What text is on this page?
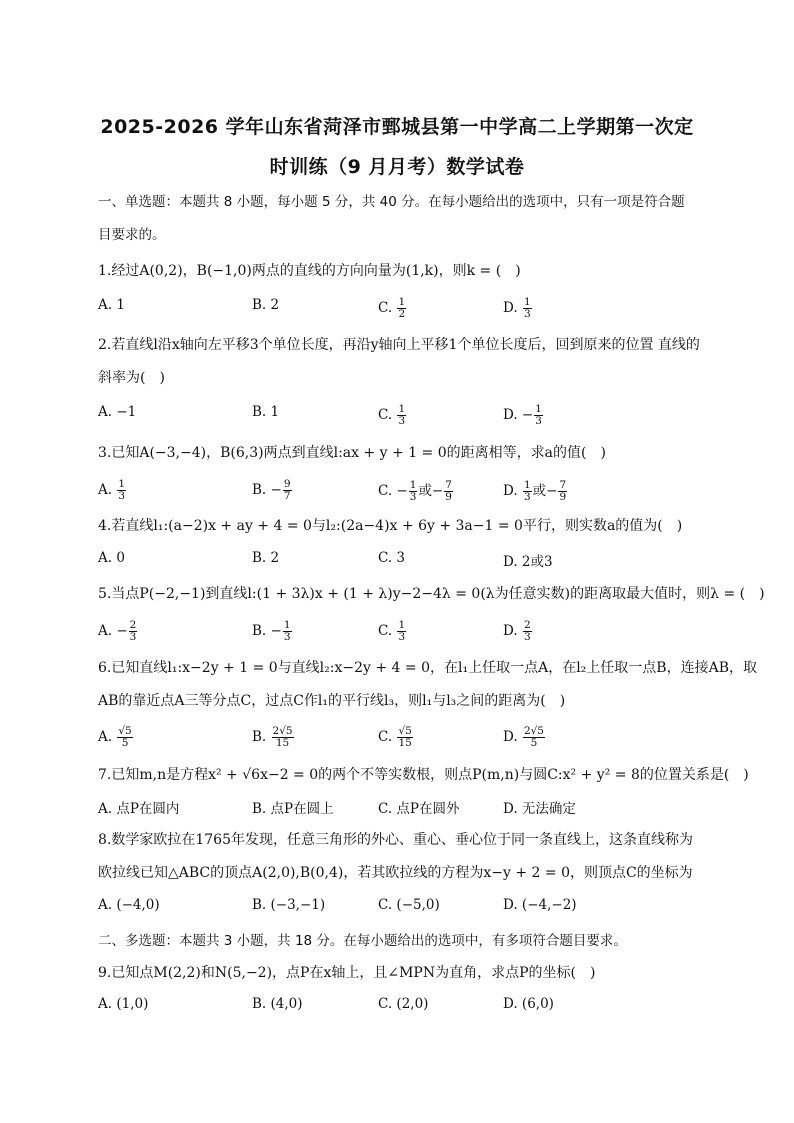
2025-2026 学年山东省菏泽市鄄城县第一中学高二上学期第一次定
时训练（9 月月考）数学试卷
一、单选题：本题共 8 小题，每小题 5 分，共 40 分。在每小题给出的选项中，只有一项是符合题目要求的。
1.经过A(0,2)，B(−1,0)两点的直线的方向向量为(1,k)，则k = (　)
A. 1	B. 2	C. $\frac{1}{2}$	D. $\frac{1}{3}$
2.若直线l沿x轴向左平移3个单位长度，再沿y轴向上平移1个单位长度后，回到原来的位置 直线的
斜率为(　)
A. −1	B. 1	C. $\frac{1}{3}$	D. − $\frac{1}{3}$
3.已知A(−3,−4)，B(6,3)两点到直线l:ax + y + 1 = 0的距离相等，求a的值(　)
A. $\frac{1}{3}$	B. − $\frac{9}{7}$	C. − $\frac{1}{3}$ 或− $\frac{7}{9}$	D. $\frac{1}{3}$ 或− $\frac{7}{9}$
4.若直线l₁:(a−2)x + ay + 4 = 0与l₂:(2a−4)x + 6y + 3a−1 = 0平行，则实数a的值为(　)
A. 0	B. 2	C. 3	D. 2或3
5.当点P(−2,−1)到直线l:(1 + 3λ)x + (1 + λ)y−2−4λ = 0(λ为任意实数)的距离取最大值时，则λ = (　)
A. − $\frac{2}{3}$	B. − $\frac{1}{3}$	C. $\frac{1}{3}$	D. $\frac{2}{3}$
6.已知直线l₁:x−2y + 1 = 0与直线l₂:x−2y + 4 = 0，在l₁上任取一点A，在l₂上任取一点B，连接AB，取
AB的靠近点A三等分点C，过点C作l₁的平行线l₃，则l₁与l₃之间的距离为(　)
A. $\frac{√5}{5}$	B. $\frac{2√5}{15}$	C. $\frac{√5}{15}$	D. $\frac{2√5}{5}$
7.已知m,n是方程x² + √6x−2 = 0的两个不等实数根，则点P(m,n)与圆C:x² + y² = 8的位置关系是(　)
A. 点P在圆内	B. 点P在圆上	C. 点P在圆外	D. 无法确定
8.数学家欧拉在1765年发现，任意三角形的外心、重心、垂心位于同一条直线上，这条直线称为
欧拉线已知△ABC的顶点A(2,0),B(0,4)，若其欧拉线的方程为x−y + 2 = 0，则顶点C的坐标为
A. (−4,0)	B. (−3,−1)	C. (−5,0)	D. (−4,−2)
二、多选题：本题共 3 小题，共 18 分。在每小题给出的选项中，有多项符合题目要求。
9.已知点M(2,2)和N(5,−2)，点P在x轴上，且∠MPN为直角，求点P的坐标(　)
A. (1,0)	B. (4,0)	C. (2,0)	D. (6,0)
